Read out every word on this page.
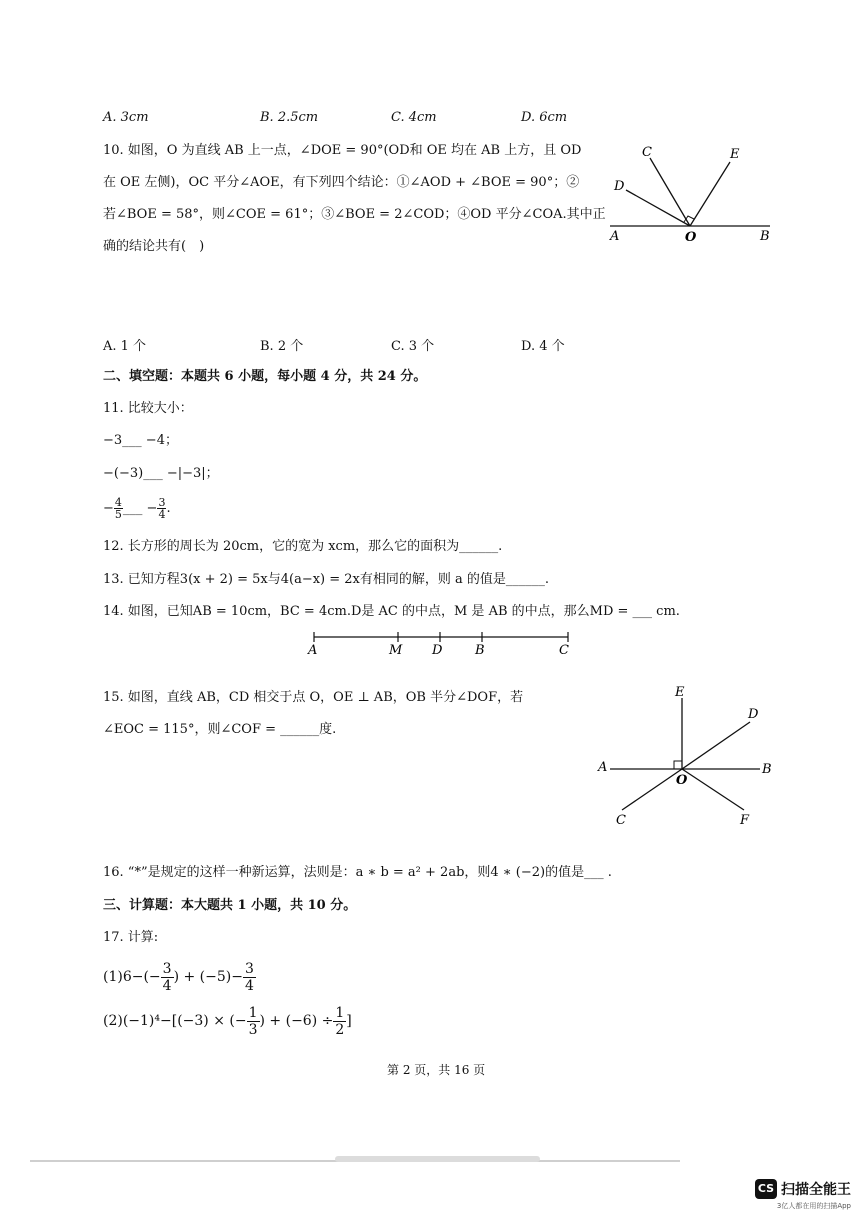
A. 3cm	B. 2.5cm	C. 4cm	D. 6cm
10. 如图，O 为直线 AB 上一点，∠DOE = 90°(OD和 OE 均在 AB 上方，且 OD
在 OE 左侧)，OC 平分∠AOE，有下列四个结论：①∠AOD + ∠BOE = 90°；②
若∠BOE = 58°，则∠COE = 61°；③∠BOE = 2∠COD；④OD 平分∠COA.其中正
确的结论共有(　)
C	E
D
A	O	B
A. 1 个	B. 2 个	C. 3 个	D. 4 个
二、填空题：本题共 6 小题，每小题 4 分，共 24 分。
11. 比较大小：
−3___ −4；
−(−3)___ −|−3|；
− $\frac{4}{5}$ ___ − $\frac{3}{4}$ .
12. 长方形的周长为 20cm，它的宽为 xcm，那么它的面积为______.
13. 已知方程3(x + 2) = 5x与4(a−x) = 2x有相同的解，则 a 的值是______.
14. 如图，已知AB = 10cm，BC = 4cm.D是 AC 的中点，M 是 AB 的中点，那么MD = ___ cm.
A	M D	B	C
15. 如图，直线 AB，CD 相交于点 O，OE ⊥ AB，OB 半分∠DOF，若
∠EOC = 115°，则∠COF = ______度.
E
D
A
O
B
C	F
16. “*”是规定的这样一种新运算，法则是：a ∗ b = a² + 2ab，则4 ∗ (−2)的值是___ .
三、计算题：本大题共 1 小题，共 10 分。
17. 计算:
$(1)6-(- \frac{3}{4}$ ) + $(-5)- \frac{3}{4}$
(2)(−1)⁴−[(−3) × (− $\frac{1}{3}$ ) + $(-6) \div \frac{1}{2}$ ]
第 2 页，共 16 页
CS 扫描全能王
3亿人都在用的扫描App
